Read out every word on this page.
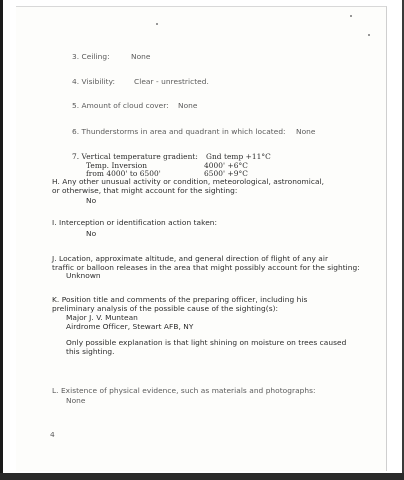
3. Ceiling:	None
4. Visibility:	Clear - unrestricted.
5. Amount of cloud cover: None
6. Thunderstorms in area and quadrant in which located: None
7. Vertical temperature gradient: Gnd temp +11°C
Temp. Inversion	4000' +6°C
from 4000' to 6500'	6500' +9°C
H. Any other unusual activity or condition, meteorological, astronomical,
or otherwise, that might account for the sighting:
No
I. Interception or identification action taken:
No
J. Location, approximate altitude, and general direction of flight of any air
traffic or balloon releases in the area that might possibly account for the sighting:
Unknown
K. Position title and comments of the preparing officer, including his
preliminary analysis of the possible cause of the sighting(s):
Major J. V. Muntean
Airdrome Officer, Stewart AFB, NY
Only possible explanation is that light shining on moisture on trees caused
this sighting.
L. Existence of physical evidence, such as materials and photographs:
None
4
